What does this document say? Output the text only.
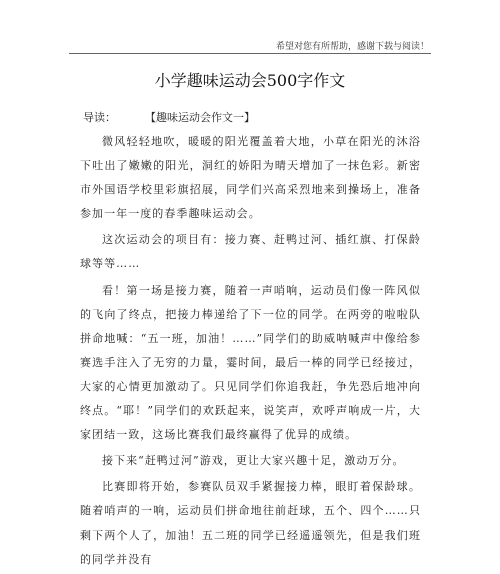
希望对您有所帮助，感谢下载与阅读！
小学趣味运动会500字作文
导读：	【趣味运动会作文一】

微风轻轻地吹，暖暖的阳光覆盖着大地，小草在阳光的沐浴下吐出了嫩嫩的阳光，洞红的娇阳为晴天增加了一抹色彩。新密市外国语学校里彩旗招展，同学们兴高采烈地来到操场上，准备参加一年一度的春季趣味运动会。

这次运动会的项目有：接力赛、赶鸭过河、插红旗、打保龄球等等……

看！第一场是接力赛，随着一声哨响，运动员们像一阵风似的飞向了终点，把接力棒递给了下一位的同学。在两旁的啦啦队拼命地喊：“五一班，加油！……”同学们的助威呐喊声中像给参赛选手注入了无穷的力量，霎时间，最后一棒的同学已经接过，大家的心情更加激动了。只见同学们你追我赶，争先恐后地冲向终点。“耶！”同学们的欢跃起来，说笑声，欢呼声响成一片，大家团结一致，这场比赛我们最终赢得了优异的成绩。

接下来“赶鸭过河”游戏，更让大家兴趣十足，激动万分。

比赛即将开始，参赛队员双手紧握接力棒，眼盯着保龄球。随着哨声的一响，运动员们拼命地往前赶球，五个、四个……只剩下两个人了，加油！五二班的同学已经遥遥领先，但是我们班的同学并没有
